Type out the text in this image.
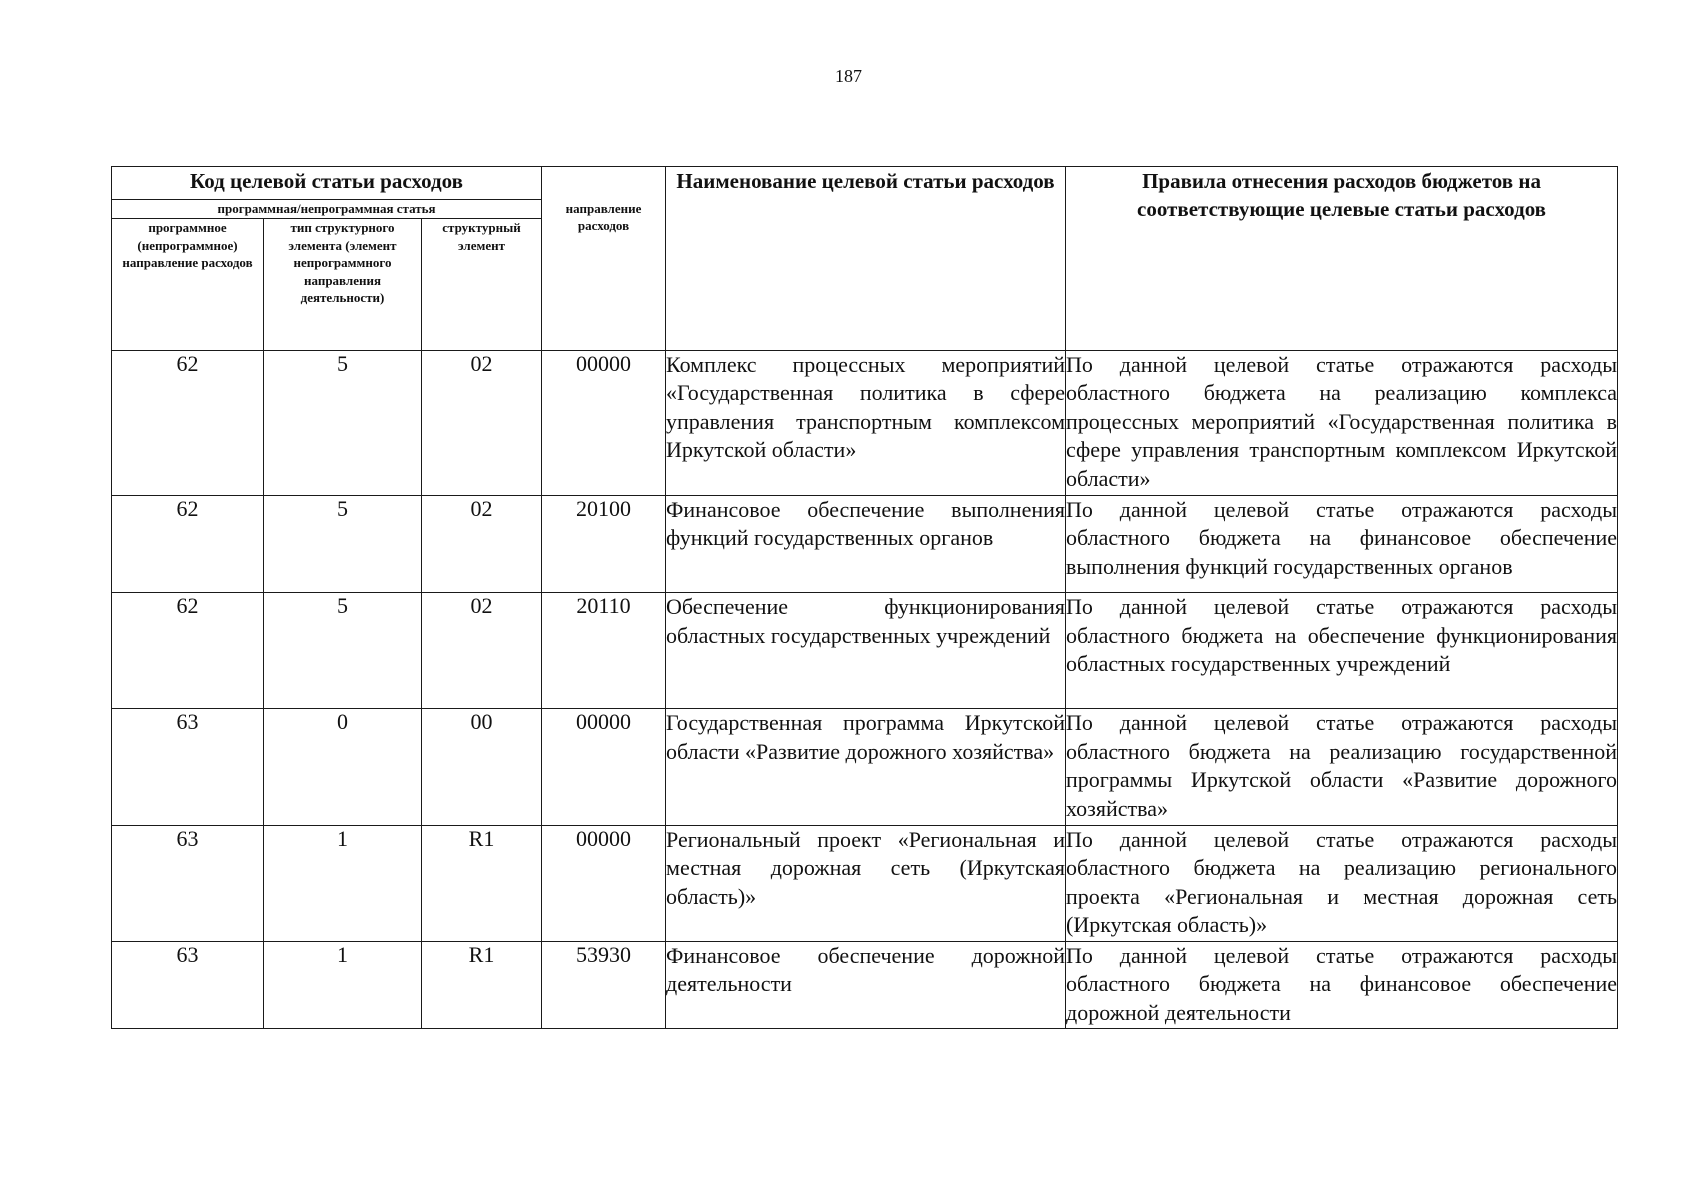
187
Код целевой статьи расходов				Наименование целевой статьи расходов	Правила отнесения расходов бюджетов на соответствующие целевые статьи расходов
программная/непрограммная статья			направление расходов		
программное (непрограммное) направление расходов	тип структурного элемента (элемент непрограммного направления деятельности)	структурный элемент			
62	5	02	00000	Комплекс процессных мероприятий «Государственная политика в сфере управления транспортным комплексом Иркутской области»	По данной целевой статье отражаются расходы областного бюджета на реализацию комплекса процессных мероприятий «Государственная политика в сфере управления транспортным комплексом Иркутской области»
62	5	02	20100	Финансовое обеспечение выполнения функций государственных органов	По данной целевой статье отражаются расходы областного бюджета на финансовое обеспечение выполнения функций государственных органов
62	5	02	20110	Обеспечение функционирования областных государственных учреждений	По данной целевой статье отражаются расходы областного бюджета на обеспечение функционирования областных государственных учреждений
63	0	00	00000	Государственная программа Иркутской области «Развитие дорожного хозяйства»	По данной целевой статье отражаются расходы областного бюджета на реализацию государственной программы Иркутской области «Развитие дорожного хозяйства»
63	1	R1	00000	Региональный проект «Региональная и местная дорожная сеть (Иркутская область)»	По данной целевой статье отражаются расходы областного бюджета на реализацию регионального проекта «Региональная и местная дорожная сеть (Иркутская область)»
63	1	R1	53930	Финансовое обеспечение дорожной деятельности	По данной целевой статье отражаются расходы областного бюджета на финансовое обеспечение дорожной деятельности
